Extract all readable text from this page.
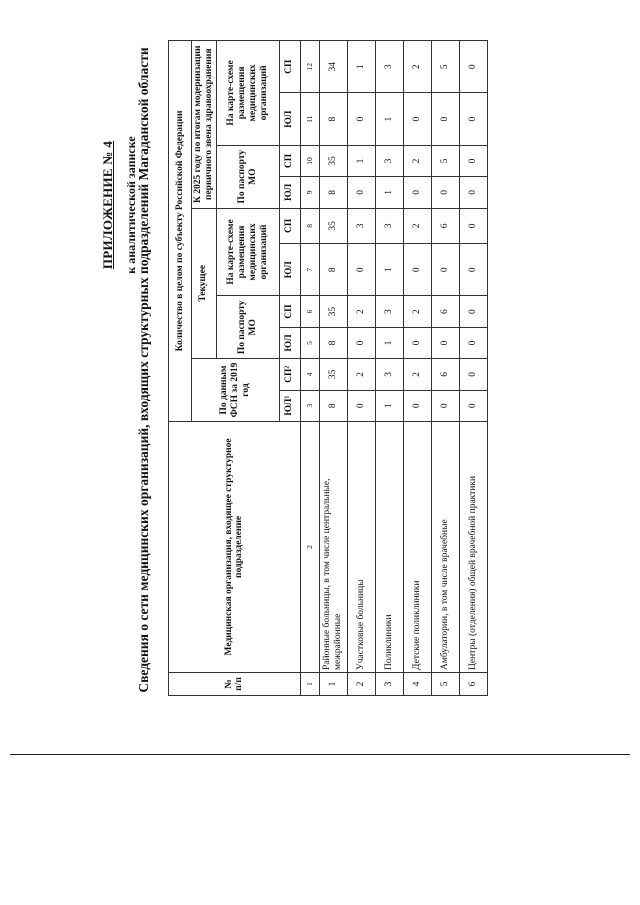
ПРИЛОЖЕНИЕ № 4 к аналитической записке
Сведения о сети медицинских организаций, входящих структурных подразделений Магаданской области	№ п/п	Медицинская организация, входящее структурное подразделение	Количество в целом по субъекту Российской Федерации									
		По данным ФСН за 2019 год		Текущее				К 2025 году по итогам модернизации первичного звена здравоохранения			
				По паспорту МО		На карте-схеме размещения медицинских организаций		По паспорту МО		На карте-схеме размещения медицинских организаций	
		ЮЛ¹	СП²	ЮЛ	СП	ЮЛ	СП	ЮЛ	СП	ЮЛ	СП
1	2	3	4	5	6	7	8	9	10	11	12
1	Районные больницы, в том числе центральные, межрайонные	8	35	8	35	8	35	8	35	8	34
2	Участковые больницы	0	2	0	2	0	3	0	1	0	1
3	Поликлиники	1	3	1	3	1	3	1	3	1	3
4	Детские поликлиники	0	2	0	2	0	2	0	2	0	2
5	Амбулатории, в том числе врачебные	0	6	0	6	0	6	0	5	0	5
6	Центры (отделения) общей врачебной практики	0	0	0	0	0	0	0	0	0	0
